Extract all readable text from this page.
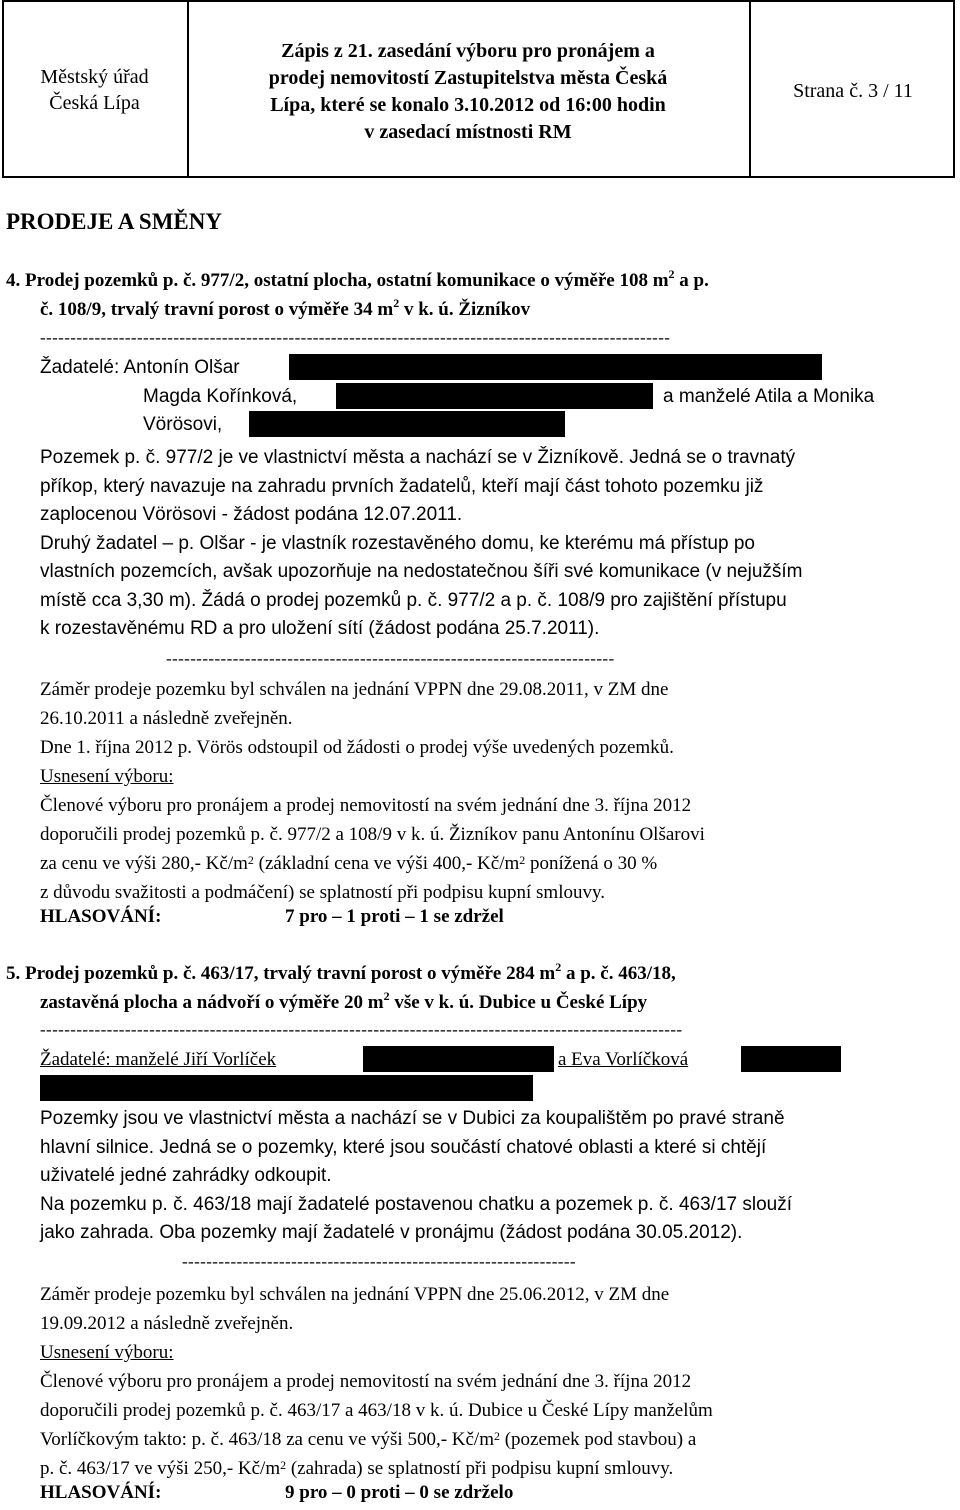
Městský úřad
Česká Lípa
Zápis z 21. zasedání výboru pro pronájem a
prodej nemovitostí Zastupitelstva města Česká
Lípa, které se konalo 3.10.2012 od 16:00 hodin
v zasedací místnosti RM
Strana č. 3 / 11
PRODEJE A SMĚNY
4. Prodej pozemků p. č. 977/2, ostatní plocha, ostatní komunikace o výměře 108 $m^2$ a p.
č. 108/9, trvalý travní porost o výměře 34 $m^2$ v k. ú. Žizníkov
--------------------------------------------------------------------------------------------------------
Žadatelé: Antonín Olšar
Magda Kořínková,	a manželé Atila a Monika
Vörösovi,
Pozemek p. č. 977/2 je ve vlastnictví města a nachází se v Žizníkově. Jedná se o travnatý
příkop, který navazuje na zahradu prvních žadatelů, kteří mají část tohoto pozemku již
zaplocenou Vörösovi - žádost podána 12.07.2011.
Druhý žadatel – p. Olšar - je vlastník rozestavěného domu, ke kterému má přístup po
vlastních pozemcích, avšak upozorňuje na nedostatečnou šíři své komunikace (v nejužším
místě cca 3,30 m). Žádá o prodej pozemků p. č. 977/2 a p. č. 108/9 pro zajištění přístupu
k rozestavěnému RD a pro uložení sítí (žádost podána 25.7.2011).
--------------------------------------------------------------------------
Záměr prodeje pozemku byl schválen na jednání VPPN dne 29.08.2011, v ZM dne
26.10.2011 a následně zveřejněn.
Dne 1. října 2012 p. Vörös odstoupil od žádosti o prodej výše uvedených pozemků.
Usnesení výboru:
Členové výboru pro pronájem a prodej nemovitostí na svém jednání dne 3. října 2012
doporučili prodej pozemků p. č. 977/2 a 108/9 v k. ú. Žizníkov panu Antonínu Olšarovi
za cenu ve výši 280,- $Kč/m^2$ (základní cena ve výši 400,- $Kč/m^2$ ponížená o 30 %
z důvodu svažitosti a podmáčení) se splatností při podpisu kupní smlouvy.
HLASOVÁNÍ:	7 pro – 1 proti – 1 se zdržel
5. Prodej pozemků p. č. 463/17, trvalý travní porost o výměře 284 $m^2$ a p. č. 463/18,
zastavěná plocha a nádvoří o výměře 20 $m^2$ vše v k. ú. Dubice u České Lípy
----------------------------------------------------------------------------------------------------------
Žadatelé: manželé Jiří Vorlíček	a Eva Vorlíčková
Pozemky jsou ve vlastnictví města a nachází se v Dubici za koupalištěm po pravé straně
hlavní silnice. Jedná se o pozemky, které jsou součástí chatové oblasti a které si chtějí
uživatelé jedné zahrádky odkoupit.
Na pozemku p. č. 463/18 mají žadatelé postavenou chatku a pozemek p. č. 463/17 slouží
jako zahrada. Oba pozemky mají žadatelé v pronájmu (žádost podána 30.05.2012).
-----------------------------------------------------------------
Záměr prodeje pozemku byl schválen na jednání VPPN dne 25.06.2012, v ZM dne
19.09.2012 a následně zveřejněn.
Usnesení výboru:
Členové výboru pro pronájem a prodej nemovitostí na svém jednání dne 3. října 2012
doporučili prodej pozemků p. č. 463/17 a 463/18 v k. ú. Dubice u České Lípy manželům
Vorlíčkovým takto: p. č. 463/18 za cenu ve výši 500,- $Kč/m^2$ (pozemek pod stavbou) a
p. č. 463/17 ve výši 250,- $Kč/m^2$ (zahrada) se splatností při podpisu kupní smlouvy.
HLASOVÁNÍ:	9 pro – 0 proti – 0 se zdrželo
